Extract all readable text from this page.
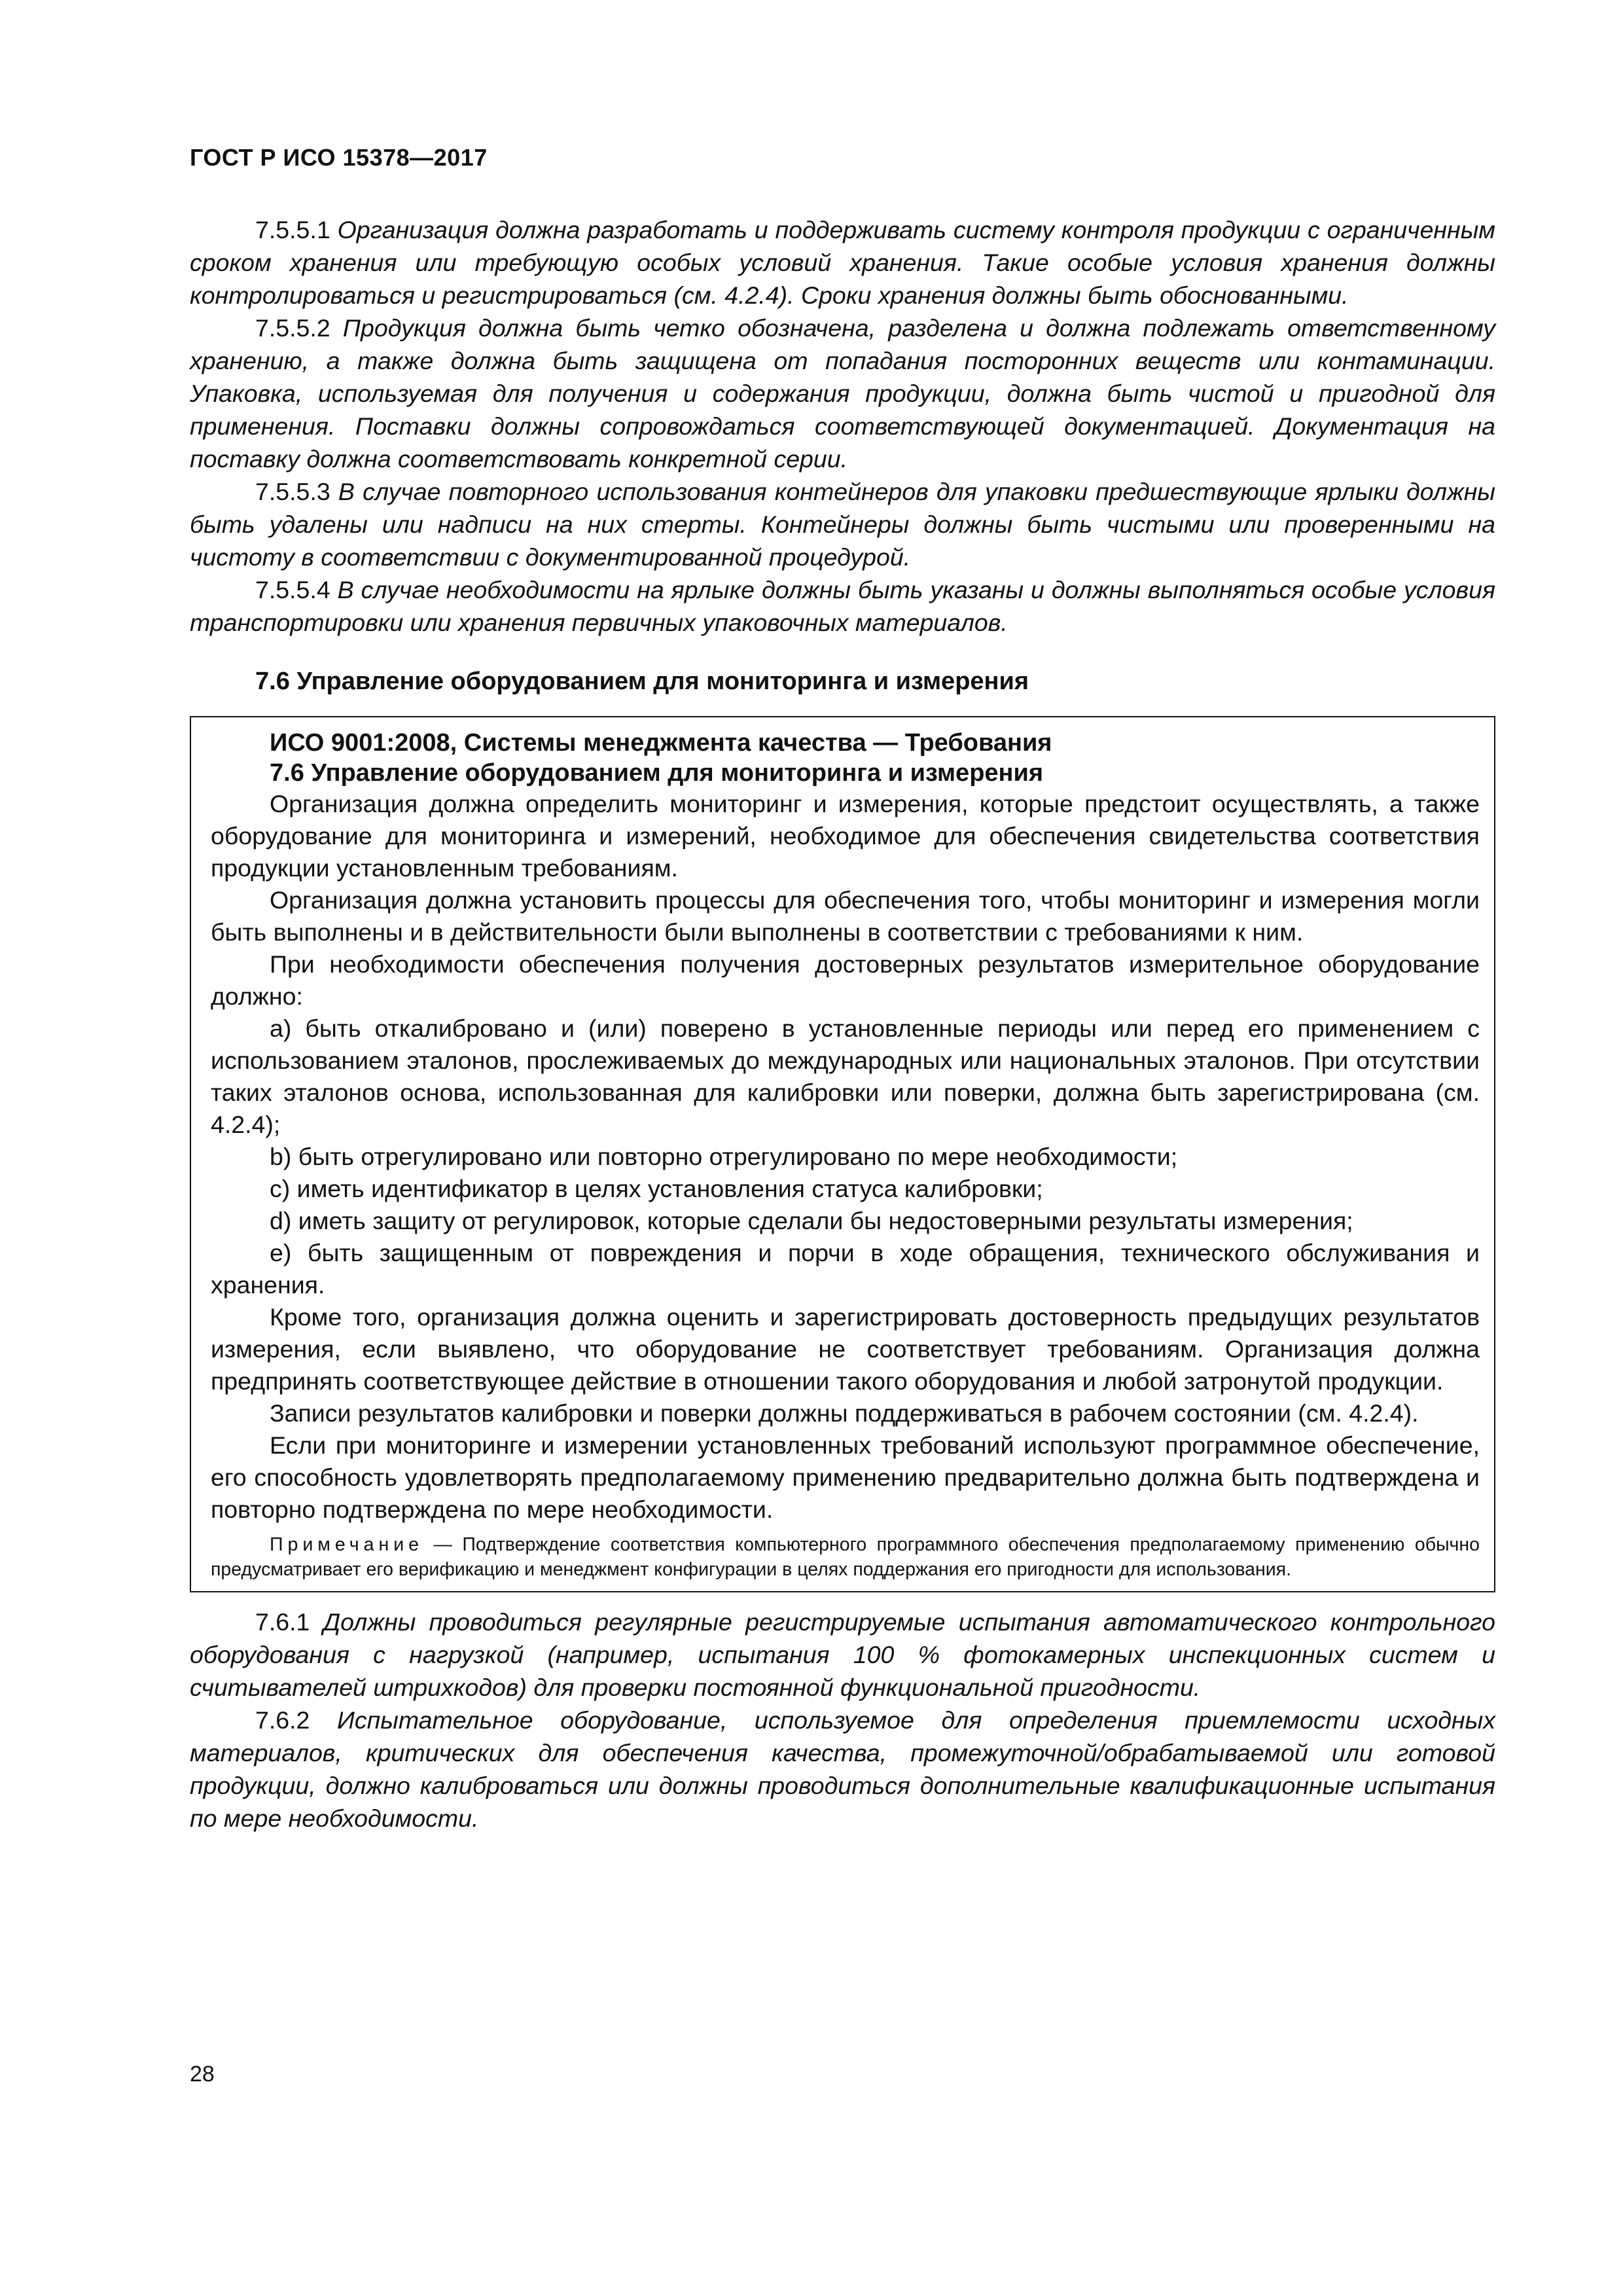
ГОСТ Р ИСО 15378—2017

7.5.5.1 Организация должна разработать и поддерживать систему контроля продукции с ограниченным сроком хранения или требующую особых условий хранения. Такие особые условия хранения должны контролироваться и регистрироваться (см. 4.2.4). Сроки хранения должны быть обоснованными.

7.5.5.2 Продукция должна быть четко обозначена, разделена и должна подлежать ответственному хранению, а также должна быть защищена от попадания посторонних веществ или контаминации. Упаковка, используемая для получения и содержания продукции, должна быть чистой и пригодной для применения. Поставки должны сопровождаться соответствующей документацией. Документация на поставку должна соответствовать конкретной серии.

7.5.5.3 В случае повторного использования контейнеров для упаковки предшествующие ярлыки должны быть удалены или надписи на них стерты. Контейнеры должны быть чистыми или проверенными на чистоту в соответствии с документированной процедурой.

7.5.5.4 В случае необходимости на ярлыке должны быть указаны и должны выполняться особые условия транспортировки или хранения первичных упаковочных материалов.

7.6 Управление оборудованием для мониторинга и измерения
ИСО 9001:2008, Системы менеджмента качества — Требования
7.6 Управление оборудованием для мониторинга и измерения

Организация должна определить мониторинг и измерения, которые предстоит осуществлять, а также оборудование для мониторинга и измерений, необходимое для обеспечения свидетельства соответствия продукции установленным требованиям.

Организация должна установить процессы для обеспечения того, чтобы мониторинг и измерения могли быть выполнены и в действительности были выполнены в соответствии с требованиями к ним.

При необходимости обеспечения получения достоверных результатов измерительное оборудование должно:

a) быть откалибровано и (или) поверено в установленные периоды или перед его применением с использованием эталонов, прослеживаемых до международных или национальных эталонов. При отсутствии таких эталонов основа, использованная для калибровки или поверки, должна быть зарегистрирована (см. 4.2.4);

b) быть отрегулировано или повторно отрегулировано по мере необходимости;

c) иметь идентификатор в целях установления статуса калибровки;

d) иметь защиту от регулировок, которые сделали бы недостоверными результаты измерения;

e) быть защищенным от повреждения и порчи в ходе обращения, технического обслуживания и хранения.

Кроме того, организация должна оценить и зарегистрировать достоверность предыдущих результатов измерения, если выявлено, что оборудование не соответствует требованиям. Организация должна предпринять соответствующее действие в отношении такого оборудования и любой затронутой продукции.

Записи результатов калибровки и поверки должны поддерживаться в рабочем состоянии (см. 4.2.4).

Если при мониторинге и измерении установленных требований используют программное обеспечение, его способность удовлетворять предполагаемому применению предварительно должна быть подтверждена и повторно подтверждена по мере необходимости.

Примечание — Подтверждение соответствия компьютерного программного обеспечения предполагаемому применению обычно предусматривает его верификацию и менеджмент конфигурации в целях поддержания его пригодности для использования.

7.6.1 Должны проводиться регулярные регистрируемые испытания автоматического контрольного оборудования с нагрузкой (например, испытания 100 % фотокамерных инспекционных систем и считывателей штрихкодов) для проверки постоянной функциональной пригодности.

7.6.2 Испытательное оборудование, используемое для определения приемлемости исходных материалов, критических для обеспечения качества, промежуточной/обрабатываемой или готовой продукции, должно калиброваться или должны проводиться дополнительные квалификационные испытания по мере необходимости.

28
